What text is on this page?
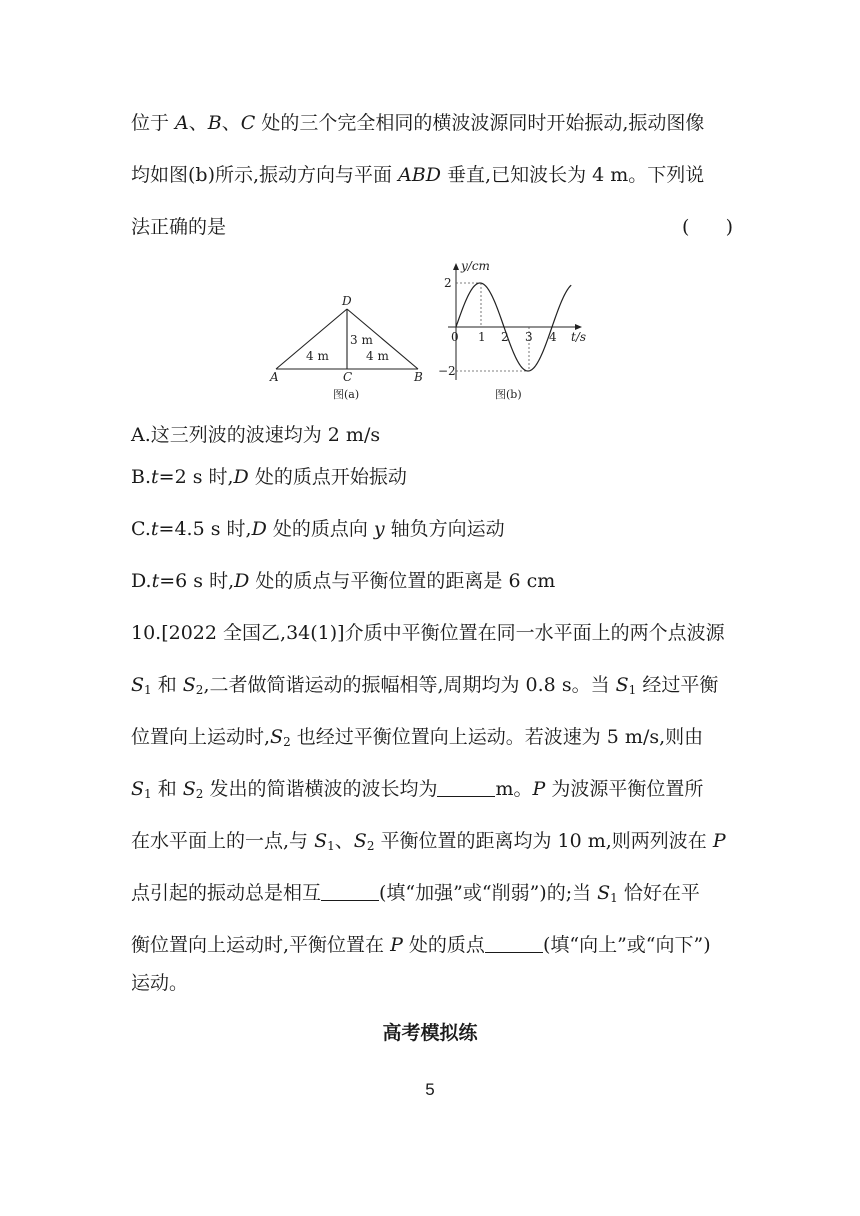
位于 A、B、C 处的三个完全相同的横波波源同时开始振动,振动图像
均如图(b)所示,振动方向与平面 ABD 垂直,已知波长为 4 m。下列说
法正确的是	(      )
D
A	C	B
4 m	4 m
3 m
图(a)
y/cm
t/s
2
−2
0 1 2 3 4
图(b)
A.这三列波的波速均为 2 m/s
B.t=2 s 时,D 处的质点开始振动
C.t=4.5 s 时,D 处的质点向 y 轴负方向运动
D.t=6 s 时,D 处的质点与平衡位置的距离是 6 cm
10.[2022 全国乙,34(1)]介质中平衡位置在同一水平面上的两个点波源
$S_1$ 和 $S_2$,二者做简谐运动的振幅相等,周期均为 0.8 s。当 $S_1$ 经过平衡
位置向上运动时$,S_2$ 也经过平衡位置向上运动。若波速为 5 m/s,则由
$S_1$ 和 $S_2$ 发出的简谐横波的波长均为	m。P 为波源平衡位置所
在水平面上的一点,与 $S_1$、$S_2$ 平衡位置的距离均为 10 m,则两列波在 P
点引起的振动总是相互	(填“加强”或“削弱”)的;当 $S_1$ 恰好在平
衡位置向上运动时,平衡位置在 P 处的质点	(填“向上”或“向下”)
运动。
高考模拟练
5
